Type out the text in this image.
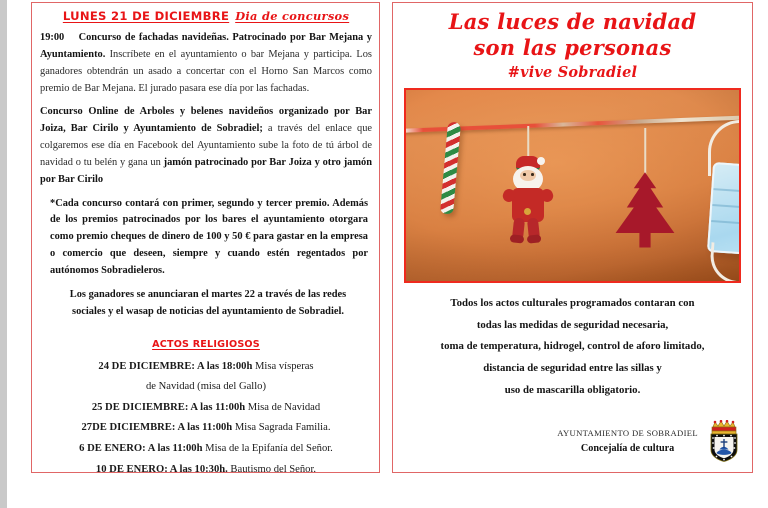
LUNES 21 DE DICIEMBRE Dia de concursos
19:00 Concurso de fachadas navideñas. Patrocinado por Bar Mejana y Ayuntamiento. Inscríbete en el ayuntamiento o bar Mejana y participa. Los ganadores obtendrán un asado a concertar con el Horno San Marcos como premio de Bar Mejana. El jurado pasara ese día por las fachadas.
Concurso Online de Arboles y belenes navideños organizado por Bar Joiza, Bar Cirilo y Ayuntamiento de Sobradiel; a través del enlace que colgaremos ese día en Facebook del Ayuntamiento sube la foto de tú árbol de navidad o tu belén y gana un jamón patrocinado por Bar Joiza y otro jamón por Bar Cirilo
*Cada concurso contará con primer, segundo y tercer premio. Además de los premios patrocinados por los bares el ayuntamiento otorgara como premio cheques de dinero de 100 y 50 € para gastar en la empresa o comercio que deseen, siempre y cuando estén regentados por autónomos Sobradieleros.
Los ganadores se anunciaran el martes 22 a través de las redes sociales y el wasap de noticias del ayuntamiento de Sobradiel.
ACTOS RELIGIOSOS
24 DE DICIEMBRE: A las 18:00h Misa vísperas
de Navidad (misa del Gallo)
25 DE DICIEMBRE: A las 11:00h Misa de Navidad
27DE DICIEMBRE: A las 11:00h Misa Sagrada Familia.
6 DE ENERO: A las 11:00h Misa de la Epifanía del Señor.
10 DE ENERO: A las 10:30h. Bautismo del Señor.
Las luces de navidad
son las personas
#vive Sobradiel
Todos los actos culturales programados contaran con
todas las medidas de seguridad necesaria,
toma de temperatura, hidrogel, control de aforo limitado,
distancia de seguridad entre las sillas y
uso de mascarilla obligatorio.
AYUNTAMIENTO DE SOBRADIEL
Concejalía de cultura
